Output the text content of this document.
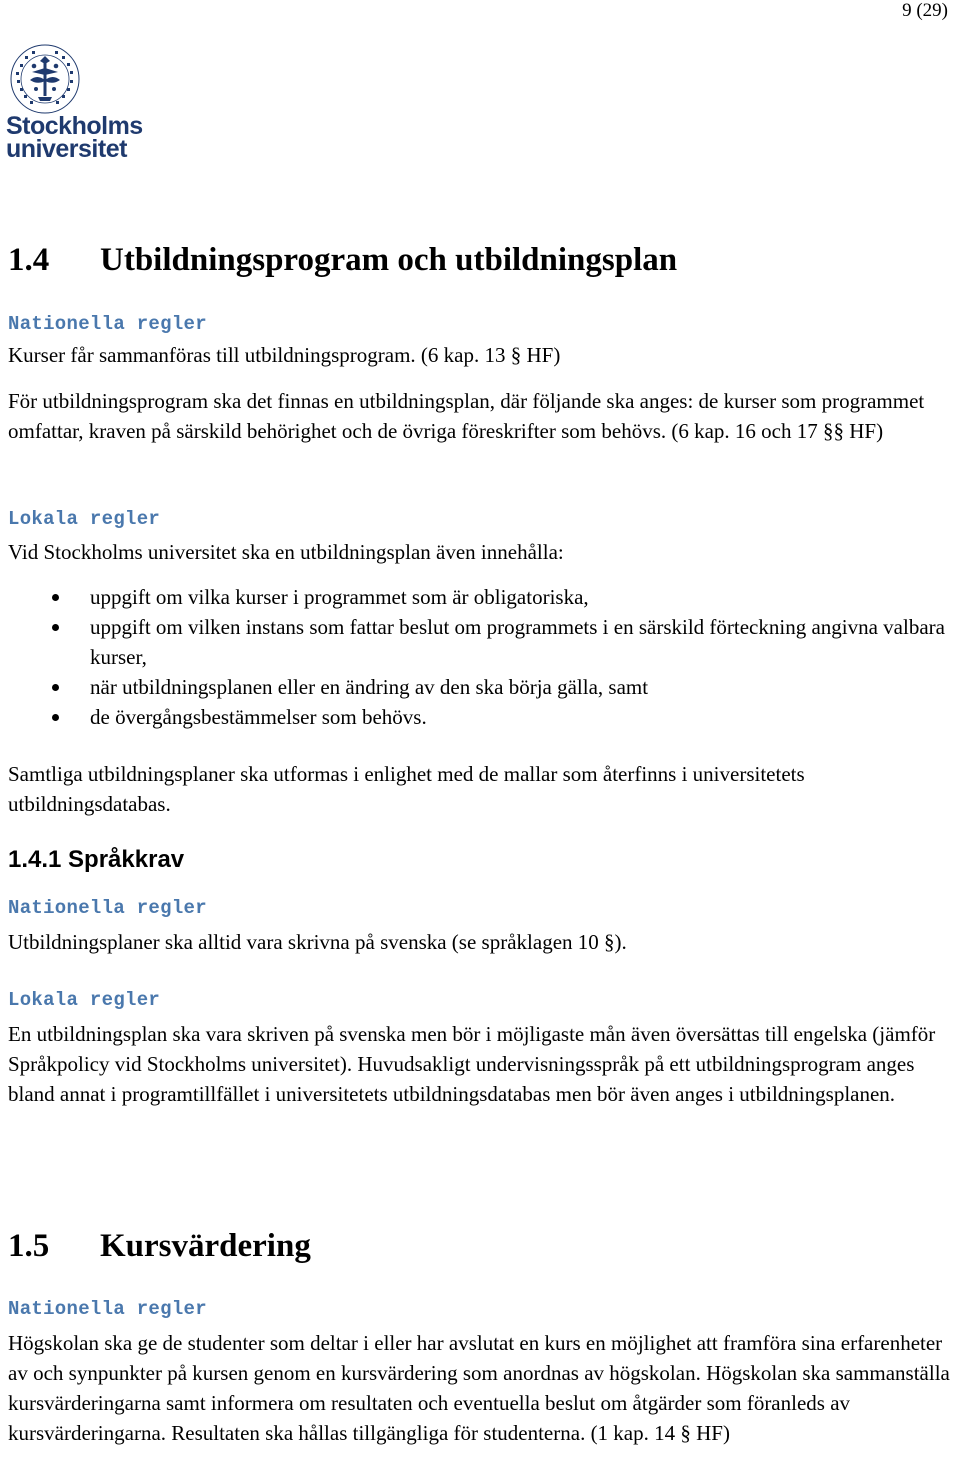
9 (29)
Stockholms
universitet
1.4 Utbildningsprogram och utbildningsplan
Nationella regler

Kurser får sammanföras till utbildningsprogram. (6 kap. 13 § HF)

För utbildningsprogram ska det finnas en utbildningsplan, där följande ska anges: de kurser som programmet omfattar, kraven på särskild behörighet och de övriga föreskrifter som behövs. (6 kap. 16 och 17 §§ HF)

Lokala regler

Vid Stockholms universitet ska en utbildningsplan även innehålla:

uppgift om vilka kurser i programmet som är obligatoriska,
uppgift om vilken instans som fattar beslut om programmets i en särskild förteckning angivna valbara kurser,
när utbildningsplanen eller en ändring av den ska börja gälla, samt
de övergångsbestämmelser som behövs.

Samtliga utbildningsplaner ska utformas i enlighet med de mallar som återfinns i universitetets utbildningsdatabas.

1.4.1 Språkkrav
Nationella regler

Utbildningsplaner ska alltid vara skrivna på svenska (se språklagen 10 §).

Lokala regler

En utbildningsplan ska vara skriven på svenska men bör i möjligaste mån även översättas till engelska (jämför Språkpolicy vid Stockholms universitet). Huvudsakligt undervisningsspråk på ett utbildningsprogram anges bland annat i programtillfället i universitetets utbildningsdatabas men bör även anges i utbildningsplanen.

1.5 Kursvärdering
Nationella regler

Högskolan ska ge de studenter som deltar i eller har avslutat en kurs en möjlighet att framföra sina erfarenheter av och synpunkter på kursen genom en kursvärdering som anordnas av högskolan. Högskolan ska sammanställa kursvärderingarna samt informera om resultaten och eventuella beslut om åtgärder som föranleds av kursvärderingarna. Resultaten ska hållas tillgängliga för studenterna. (1 kap. 14 § HF)
